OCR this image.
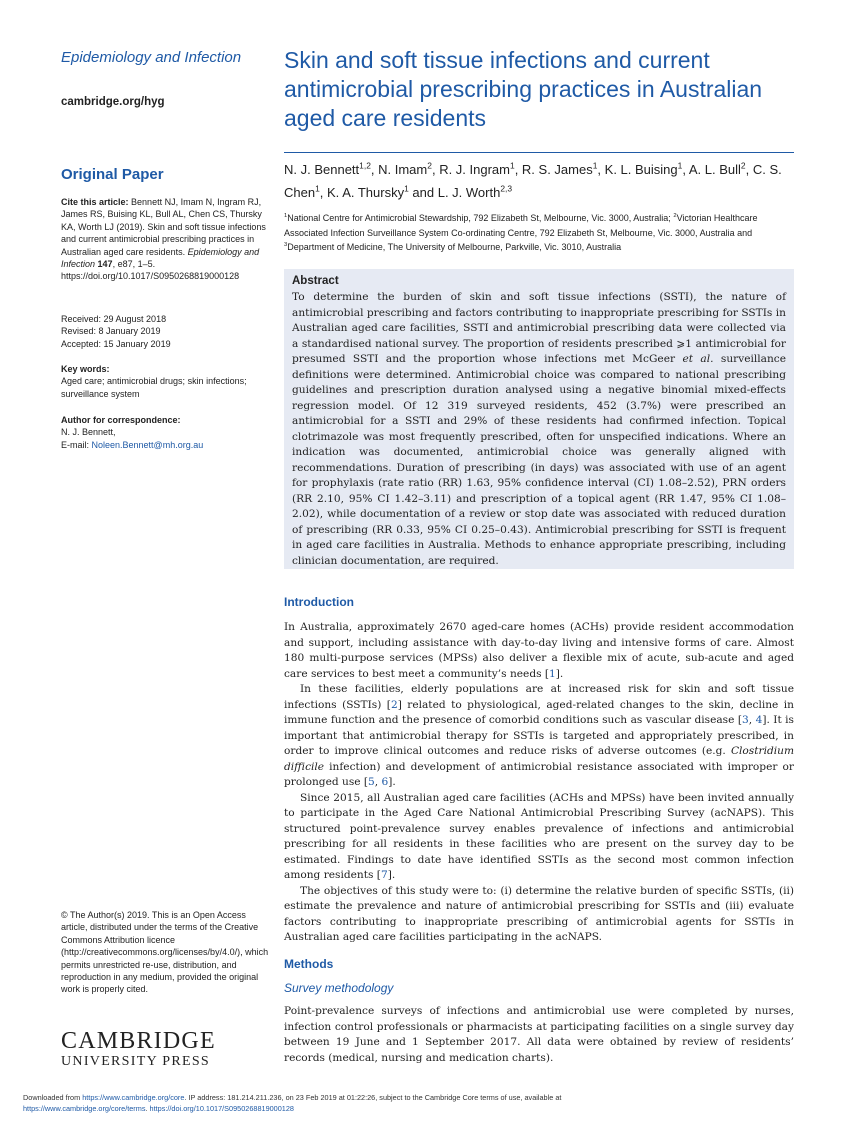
Epidemiology and Infection
cambridge.org/hyg
Original Paper
Cite this article: Bennett NJ, Imam N, Ingram RJ, James RS, Buising KL, Bull AL, Chen CS, Thursky KA, Worth LJ (2019). Skin and soft tissue infections and current antimicrobial prescribing practices in Australian aged care residents. Epidemiology and Infection 147, e87, 1–5. https://doi.org/10.1017/S0950268819000128
Received: 29 August 2018
Revised: 8 January 2019
Accepted: 15 January 2019
Key words:
Aged care; antimicrobial drugs; skin infections; surveillance system
Author for correspondence:
N. J. Bennett,
E-mail: Noleen.Bennett@mh.org.au
© The Author(s) 2019. This is an Open Access article, distributed under the terms of the Creative Commons Attribution licence (http://creativecommons.org/licenses/by/4.0/), which permits unrestricted re-use, distribution, and reproduction in any medium, provided the original work is properly cited.
CAMBRIDGE
UNIVERSITY PRESS
Skin and soft tissue infections and current antimicrobial prescribing practices in Australian aged care residents
N. J. Bennett$^{1,2}$, N. Imam$^2$, R. J. Ingram$^1$, R. S. James$^1$, K. L. Buising$^1$, A. L. Bull$^2$, C. S. Chen$^1$, K. A. Thursky$^1$ and L. J. Worth$^{2,3}$
$^1$National Centre for Antimicrobial Stewardship, 792 Elizabeth St, Melbourne, Vic. 3000, Australia; $^2$Victorian Healthcare Associated Infection Surveillance System Co-ordinating Centre, 792 Elizabeth St, Melbourne, Vic. 3000, Australia and $^3$Department of Medicine, The University of Melbourne, Parkville, Vic. 3010, Australia
Abstract
To determine the burden of skin and soft tissue infections (SSTI), the nature of antimicrobial prescribing and factors contributing to inappropriate prescribing for SSTIs in Australian aged care facilities, SSTI and antimicrobial prescribing data were collected via a standardised national survey. The proportion of residents prescribed ⩾1 antimicrobial for presumed SSTI and the proportion whose infections met McGeer et al. surveillance definitions were determined. Antimicrobial choice was compared to national prescribing guidelines and prescription duration analysed using a negative binomial mixed-effects regression model. Of 12 319 surveyed residents, 452 (3.7%) were prescribed an antimicrobial for a SSTI and 29% of these residents had confirmed infection. Topical clotrimazole was most frequently prescribed, often for unspecified indications. Where an indication was documented, antimicrobial choice was generally aligned with recommendations. Duration of prescribing (in days) was associated with use of an agent for prophylaxis (rate ratio (RR) 1.63, 95% confidence interval (CI) 1.08–2.52), PRN orders (RR 2.10, 95% CI 1.42–3.11) and prescription of a topical agent (RR 1.47, 95% CI 1.08–2.02), while documentation of a review or stop date was associated with reduced duration of prescribing (RR 0.33, 95% CI 0.25–0.43). Antimicrobial prescribing for SSTI is frequent in aged care facilities in Australia. Methods to enhance appropriate prescribing, including clinician documentation, are required.
Introduction

In Australia, approximately 2670 aged-care homes (ACHs) provide resident accommodation and support, including assistance with day-to-day living and intensive forms of care. Almost 180 multi-purpose services (MPSs) also deliver a flexible mix of acute, sub-acute and aged care services to best meet a community’s needs [1].

In these facilities, elderly populations are at increased risk for skin and soft tissue infections (SSTIs) [2] related to physiological, aged-related changes to the skin, decline in immune function and the presence of comorbid conditions such as vascular disease [3, 4]. It is important that antimicrobial therapy for SSTIs is targeted and appropriately prescribed, in order to improve clinical outcomes and reduce risks of adverse outcomes (e.g. Clostridium difficile infection) and development of antimicrobial resistance associated with improper or prolonged use [5, 6].

Since 2015, all Australian aged care facilities (ACHs and MPSs) have been invited annually to participate in the Aged Care National Antimicrobial Prescribing Survey (acNAPS). This structured point-prevalence survey enables prevalence of infections and antimicrobial prescribing for all residents in these facilities who are present on the survey day to be estimated. Findings to date have identified SSTIs as the second most common infection among residents [7].

The objectives of this study were to: (i) determine the relative burden of specific SSTIs, (ii) estimate the prevalence and nature of antimicrobial prescribing for SSTIs and (iii) evaluate factors contributing to inappropriate prescribing of antimicrobial agents for SSTIs in Australian aged care facilities participating in the acNAPS.

Methods
Survey methodology

Point-prevalence surveys of infections and antimicrobial use were completed by nurses, infection control professionals or pharmacists at participating facilities on a single survey day between 19 June and 1 September 2017. All data were obtained by review of residents’ records (medical, nursing and medication charts).

Downloaded from https://www.cambridge.org/core. IP address: 181.214.211.236, on 23 Feb 2019 at 01:22:26, subject to the Cambridge Core terms of use, available at
https://www.cambridge.org/core/terms. https://doi.org/10.1017/S0950268819000128
